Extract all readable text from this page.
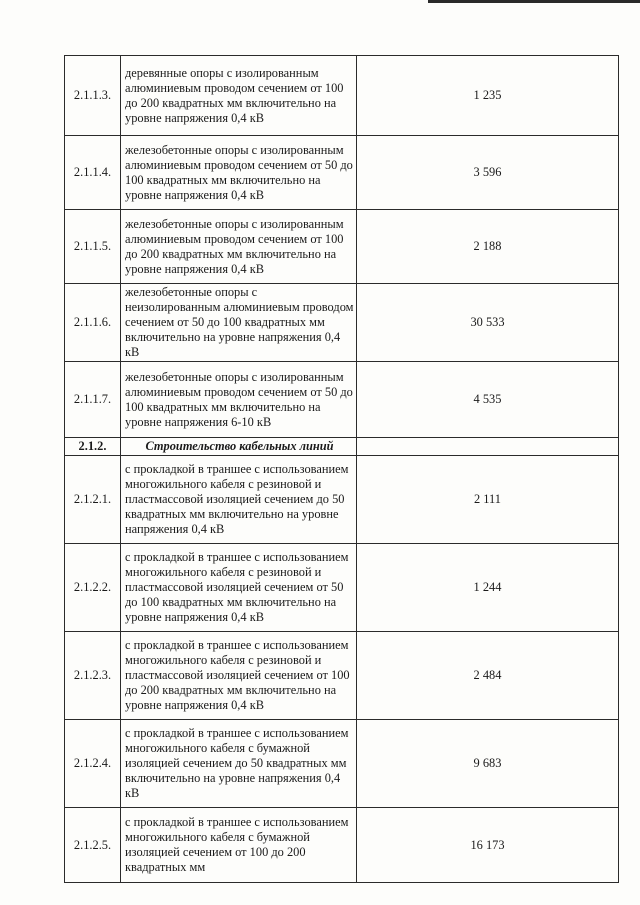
2.1.1.3.	деревянные опоры с изолированным алюминиевым проводом сечением от 100 до 200 квадратных мм включительно на уровне напряжения 0,4 кВ	1 235
2.1.1.4.	железобетонные опоры с изолированным алюминиевым проводом сечением от 50 до 100 квадратных мм включительно на уровне напряжения 0,4 кВ	3 596
2.1.1.5.	железобетонные опоры с изолированным алюминиевым проводом сечением от 100 до 200 квадратных мм включительно на уровне напряжения 0,4 кВ	2 188
2.1.1.6.	железобетонные опоры с неизолированным алюминиевым проводом сечением от 50 до 100 квадратных мм включительно на уровне напряжения 0,4 кВ	30 533
2.1.1.7.	железобетонные опоры с изолированным алюминиевым проводом сечением от 50 до 100 квадратных мм включительно на уровне напряжения 6-10 кВ	4 535
2.1.2.	Строительство кабельных линий	
2.1.2.1.	с прокладкой в траншее с использованием многожильного кабеля с резиновой и пластмассовой изоляцией сечением до 50 квадратных мм включительно на уровне напряжения 0,4 кВ	2 111
2.1.2.2.	с прокладкой в траншее с использованием многожильного кабеля с резиновой и пластмассовой изоляцией сечением от 50 до 100 квадратных мм включительно на уровне напряжения 0,4 кВ	1 244
2.1.2.3.	с прокладкой в траншее с использованием многожильного кабеля с резиновой и пластмассовой изоляцией сечением от 100 до 200 квадратных мм включительно на уровне напряжения 0,4 кВ	2 484
2.1.2.4.	с прокладкой в траншее с использованием многожильного кабеля с бумажной изоляцией сечением до 50 квадратных мм включительно на уровне напряжения 0,4 кВ	9 683
2.1.2.5.	с прокладкой в траншее с использованием многожильного кабеля с бумажной изоляцией сечением от 100 до 200 квадратных мм	16 173
